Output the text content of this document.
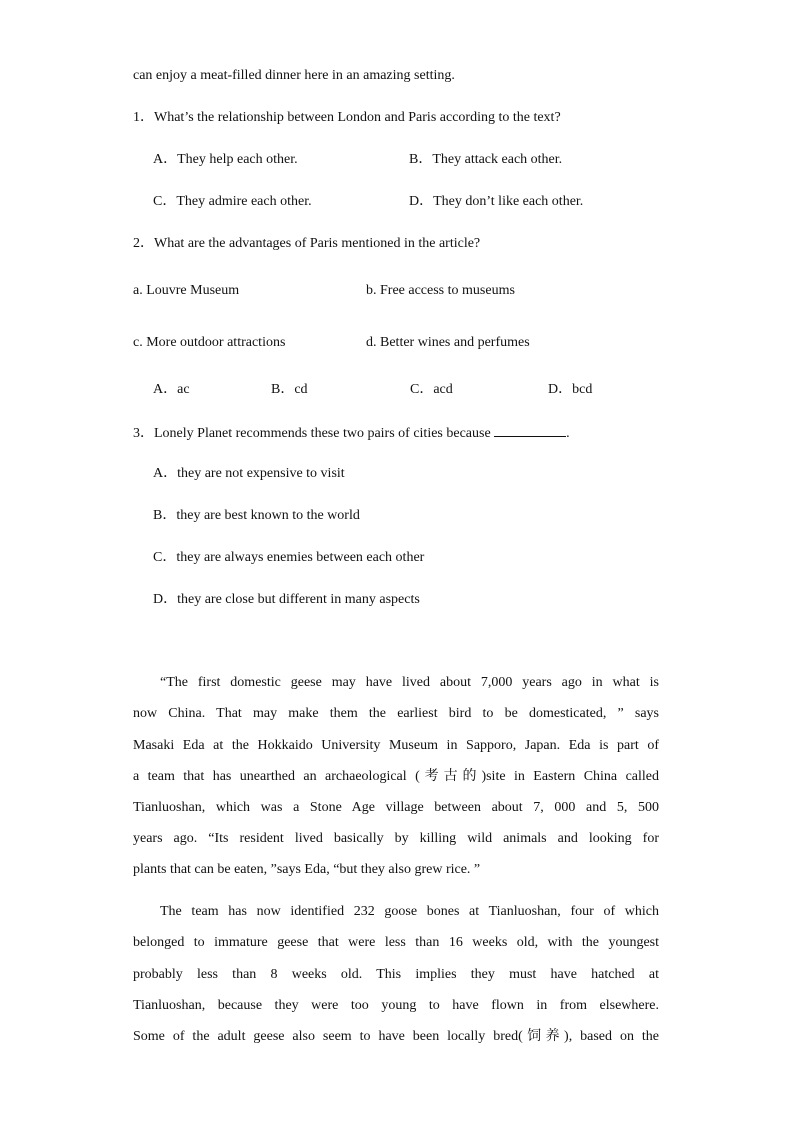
can enjoy a meat-filled dinner here in an amazing setting.
1．What’s the relationship between London and Paris according to the text?
A．They help each other.	B．They attack each other.
C．They admire each other.	D．They don’t like each other.
2．What are the advantages of Paris mentioned in the article?
a. Louvre Museum	b. Free access to museums
c. More outdoor attractions	d. Better wines and perfumes
A．ac	B．cd	C．acd	D．bcd
3．Lonely Planet recommends these two pairs of cities because	.
A．they are not expensive to visit
B．they are best known to the world
C．they are always enemies between each other
D．they are close but different in many aspects
“The first domestic geese may have lived about 7,000 years ago in what is
now China. That may make them the earliest bird to be domesticated, ” says
Masaki Eda at the Hokkaido University Museum in Sapporo, Japan. Eda is part of
a team that has unearthed an archaeological (考古的)site in Eastern China called
Tianluoshan, which was a Stone Age village between about 7, 000 and 5, 500
years ago. “Its resident lived basically by killing wild animals and looking for
plants that can be eaten, ”says Eda, “but they also grew rice. ”
The team has now identified 232 goose bones at Tianluoshan, four of which
belonged to immature geese that were less than 16 weeks old, with the youngest
probably less than 8 weeks old. This implies they must have hatched at
Tianluoshan, because they were too young to have flown in from elsewhere.
Some of the adult geese also seem to have been locally bred(饲养), based on the
